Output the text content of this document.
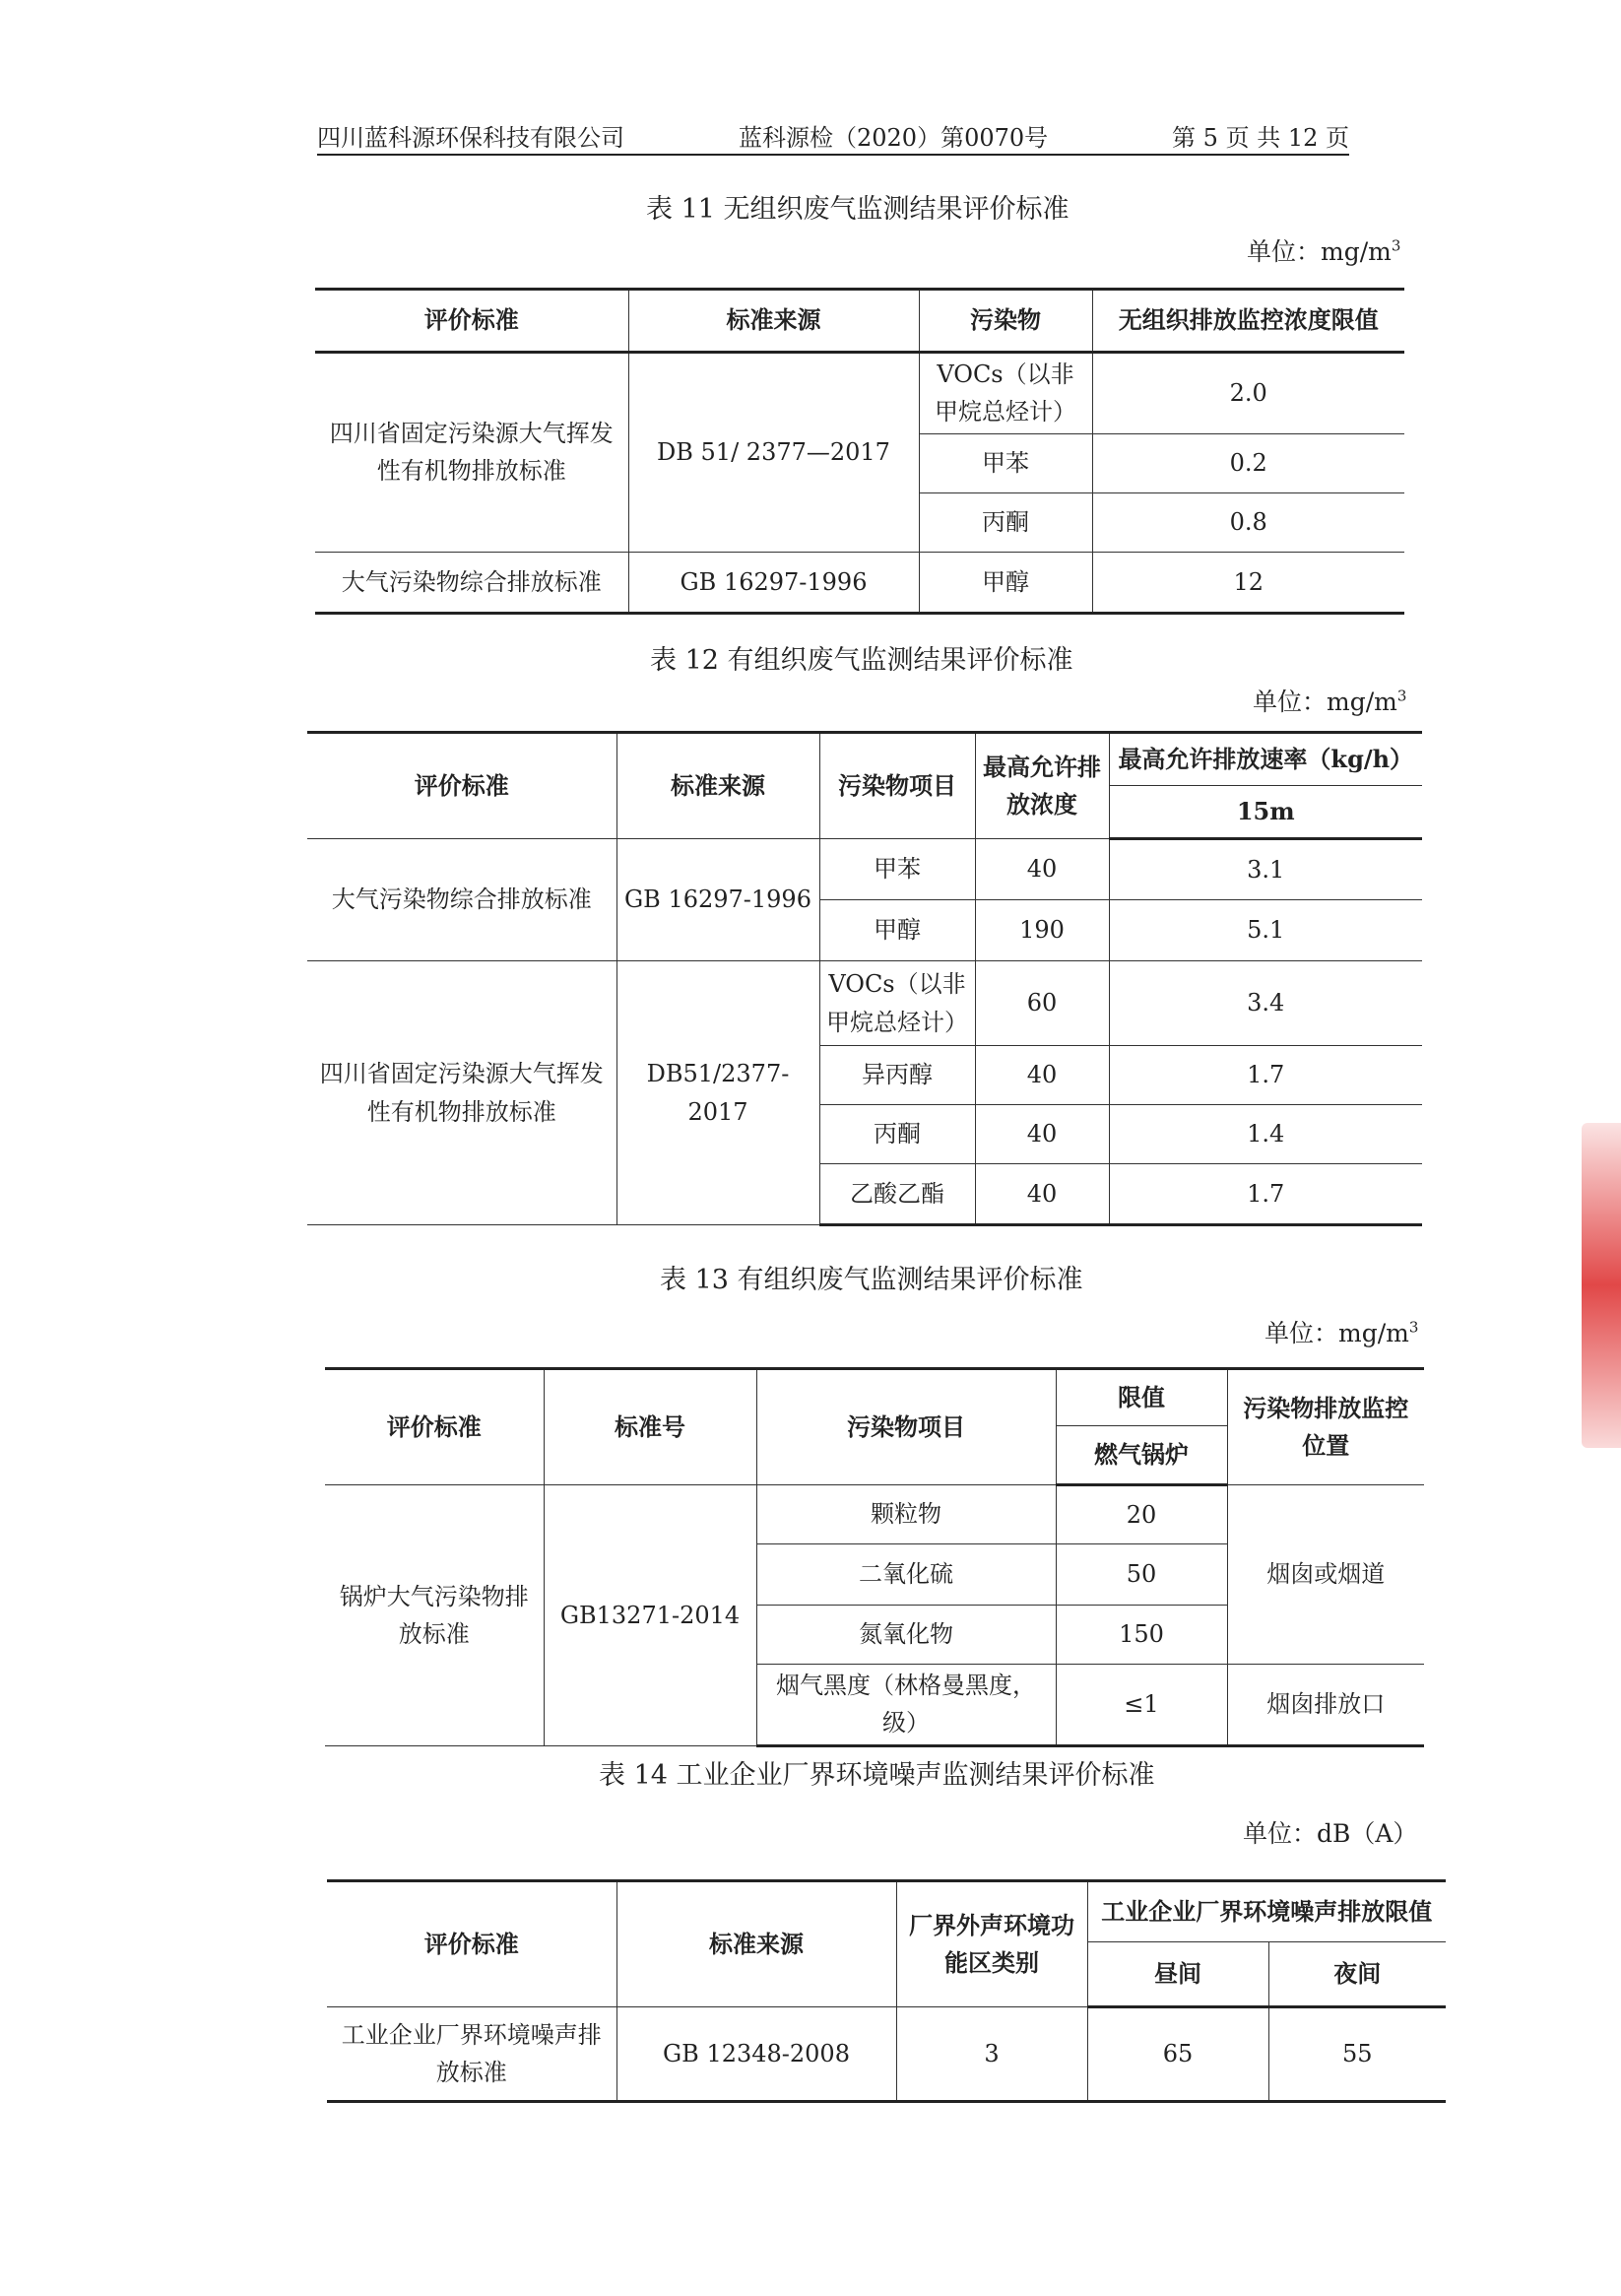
四川蓝科源环保科技有限公司	蓝科源检（2020）第0070号	第 5 页 共 12 页
表 11 无组织废气监测结果评价标准
单位：$mg/m^3$
评价标准	标准来源	污染物	无组织排放监控浓度限值
四川省固定污染源大气挥发性有机物排放标准	DB 51/ 2377—2017	VOCs（以非甲烷总烃计）	2.0
		甲苯	0.2
		丙酮	0.8
大气污染物综合排放标准	GB 16297-1996	甲醇	12
表 12 有组织废气监测结果评价标准
单位：$mg/m^3$
评价标准	标准来源	污染物项目	最高允许排放浓度	最高允许排放速率（kg/h）
				15m
大气污染物综合排放标准	GB 16297-1996	甲苯	40	3.1
		甲醇	190	5.1
四川省固定污染源大气挥发性有机物排放标准	DB51/2377-2017	VOCs（以非甲烷总烃计）	60	3.4
		异丙醇	40	1.7
		丙酮	40	1.4
		乙酸乙酯	40	1.7
表 13 有组织废气监测结果评价标准
单位：$mg/m^3$
评价标准	标准号	污染物项目	限值	污染物排放监控位置
			燃气锅炉	
锅炉大气污染物排放标准	GB13271-2014	颗粒物	20	烟囱或烟道
		二氧化硫	50	
		氮氧化物	150	
		烟气黑度（林格曼黑度，级）	≤1	烟囱排放口
表 14 工业企业厂界环境噪声监测结果评价标准
单位：dB（A）
评价标准	标准来源	厂界外声环境功能区类别	工业企业厂界环境噪声排放限值	
			昼间	夜间
工业企业厂界环境噪声排放标准	GB 12348-2008	3	65	55
